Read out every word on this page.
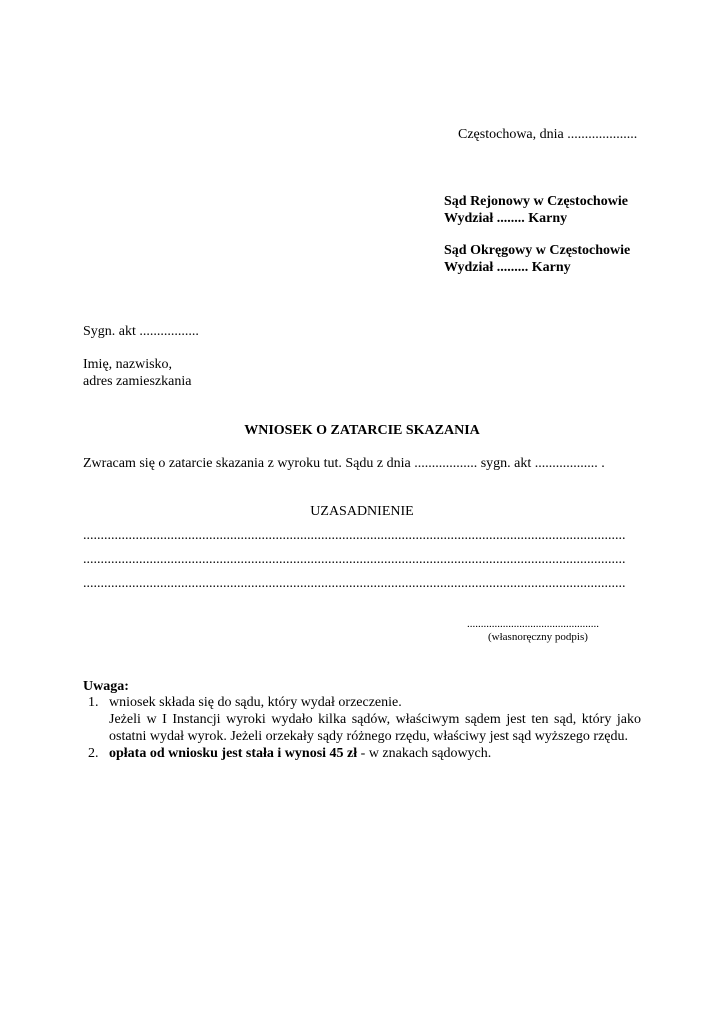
Częstochowa, dnia ....................

Sąd Rejonowy w Częstochowie

Wydział ........ Karny

Sąd Okręgowy w Częstochowie

Wydział ......... Karny

Sygn. akt .................

Imię, nazwisko,

adres zamieszkania

WNIOSEK O ZATARCIE SKAZANIA

Zwracam się o zatarcie skazania z wyroku tut. Sądu z dnia .................. sygn. akt .................. .

UZASADNIENIE

...........................................................................................................................................................

...........................................................................................................................................................

...........................................................................................................................................................

................................................

(własnoręczny podpis)

Uwaga:

1. wniosek składa się do sądu, który wydał orzeczenie.

Jeżeli w I Instancji wyroki wydało kilka sądów, właściwym sądem jest ten sąd, który jako

ostatni wydał wyrok. Jeżeli orzekały sądy różnego rzędu, właściwy jest sąd wyższego rzędu.

2. opłata od wniosku jest stała i wynosi 45 zł - w znakach sądowych.
